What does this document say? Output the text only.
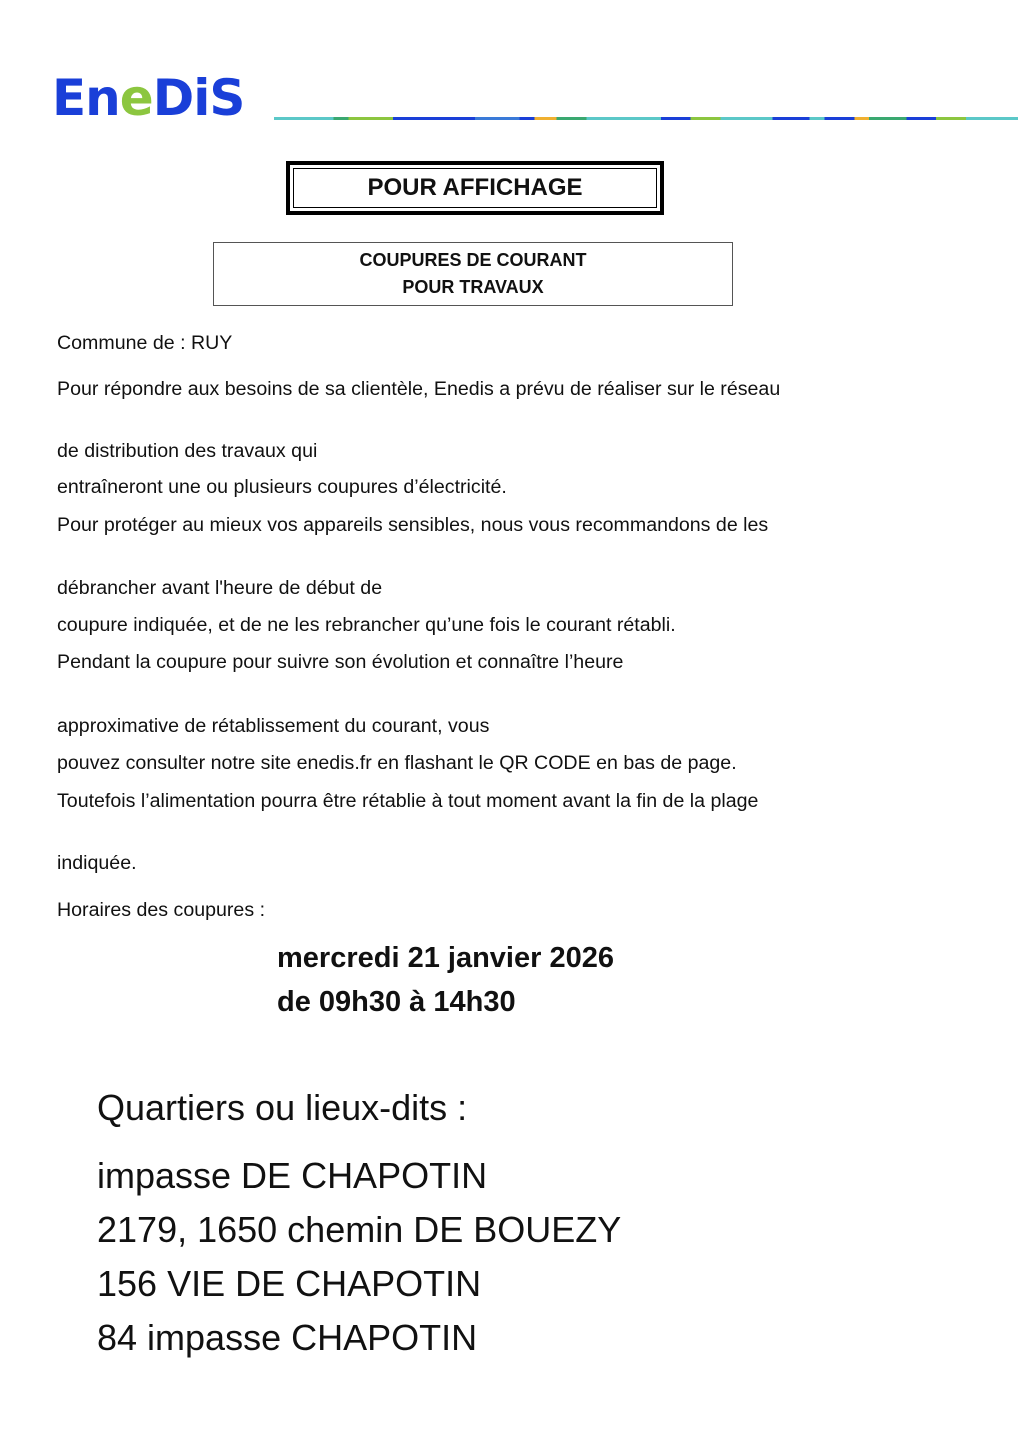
EneDiS
POUR AFFICHAGE
COUPURES DE COURANT
POUR TRAVAUX
Commune de : RUY
Pour répondre aux besoins de sa clientèle, Enedis a prévu de réaliser sur le réseau
de distribution des travaux qui
entraîneront une ou plusieurs coupures d’électricité.
Pour protéger au mieux vos appareils sensibles, nous vous recommandons de les
débrancher avant l'heure de début de
coupure indiquée, et de ne les rebrancher qu’une fois le courant rétabli.
Pendant la coupure pour suivre son évolution et connaître l’heure
approximative de rétablissement du courant, vous
pouvez consulter notre site enedis.fr en flashant le QR CODE en bas de page.
Toutefois l’alimentation pourra être rétablie à tout moment avant la fin de la plage
indiquée.
Horaires des coupures :
mercredi 21 janvier 2026
de 09h30 à 14h30
Quartiers ou lieux-dits :
impasse DE CHAPOTIN
2179, 1650 chemin DE BOUEZY
156 VIE DE CHAPOTIN
84 impasse CHAPOTIN
